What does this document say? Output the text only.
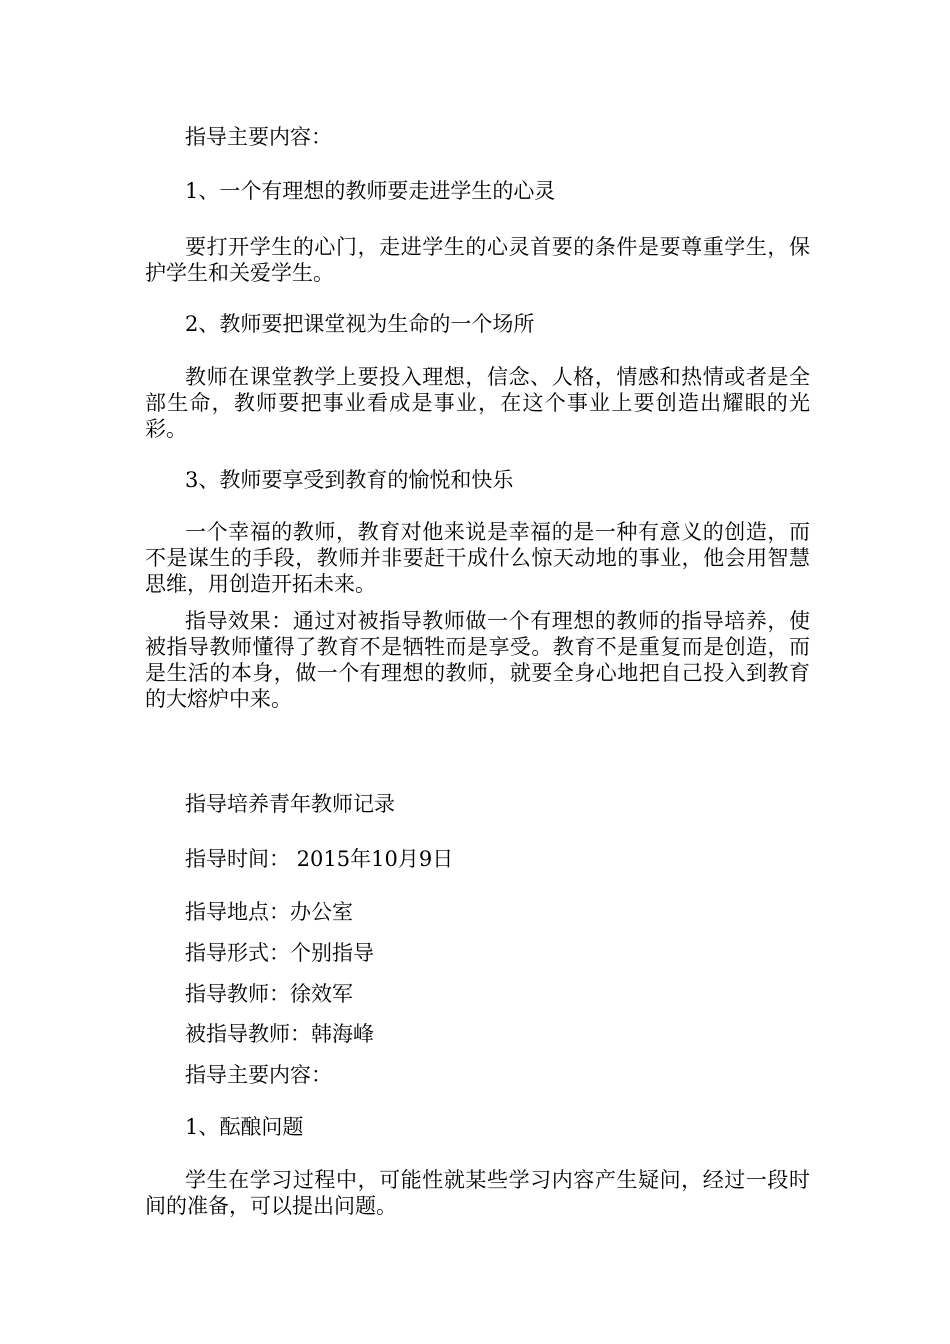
指导主要内容：

1、一个有理想的教师要走进学生的心灵

要打开学生的心门，走进学生的心灵首要的条件是要尊重学生，保护学生和关爱学生。

2、教师要把课堂视为生命的一个场所

教师在课堂教学上要投入理想，信念、人格，情感和热情或者是全部生命，教师要把事业看成是事业，在这个事业上要创造出耀眼的光彩。

3、教师要享受到教育的愉悦和快乐

一个幸福的教师，教育对他来说是幸福的是一种有意义的创造，而不是谋生的手段，教师并非要赶干成什么惊天动地的事业，他会用智慧思维，用创造开拓未来。

指导效果：通过对被指导教师做一个有理想的教师的指导培养，使被指导教师懂得了教育不是牺牲而是享受。教育不是重复而是创造，而是生活的本身，做一个有理想的教师，就要全身心地把自己投入到教育的大熔炉中来。

指导培养青年教师记录

指导时间： 2015年10月9日

指导地点：办公室

指导形式：个别指导

指导教师：徐效军

被指导教师：韩海峰

指导主要内容：

1、酝酿问题

学生在学习过程中，可能性就某些学习内容产生疑问，经过一段时间的准备，可以提出问题。
